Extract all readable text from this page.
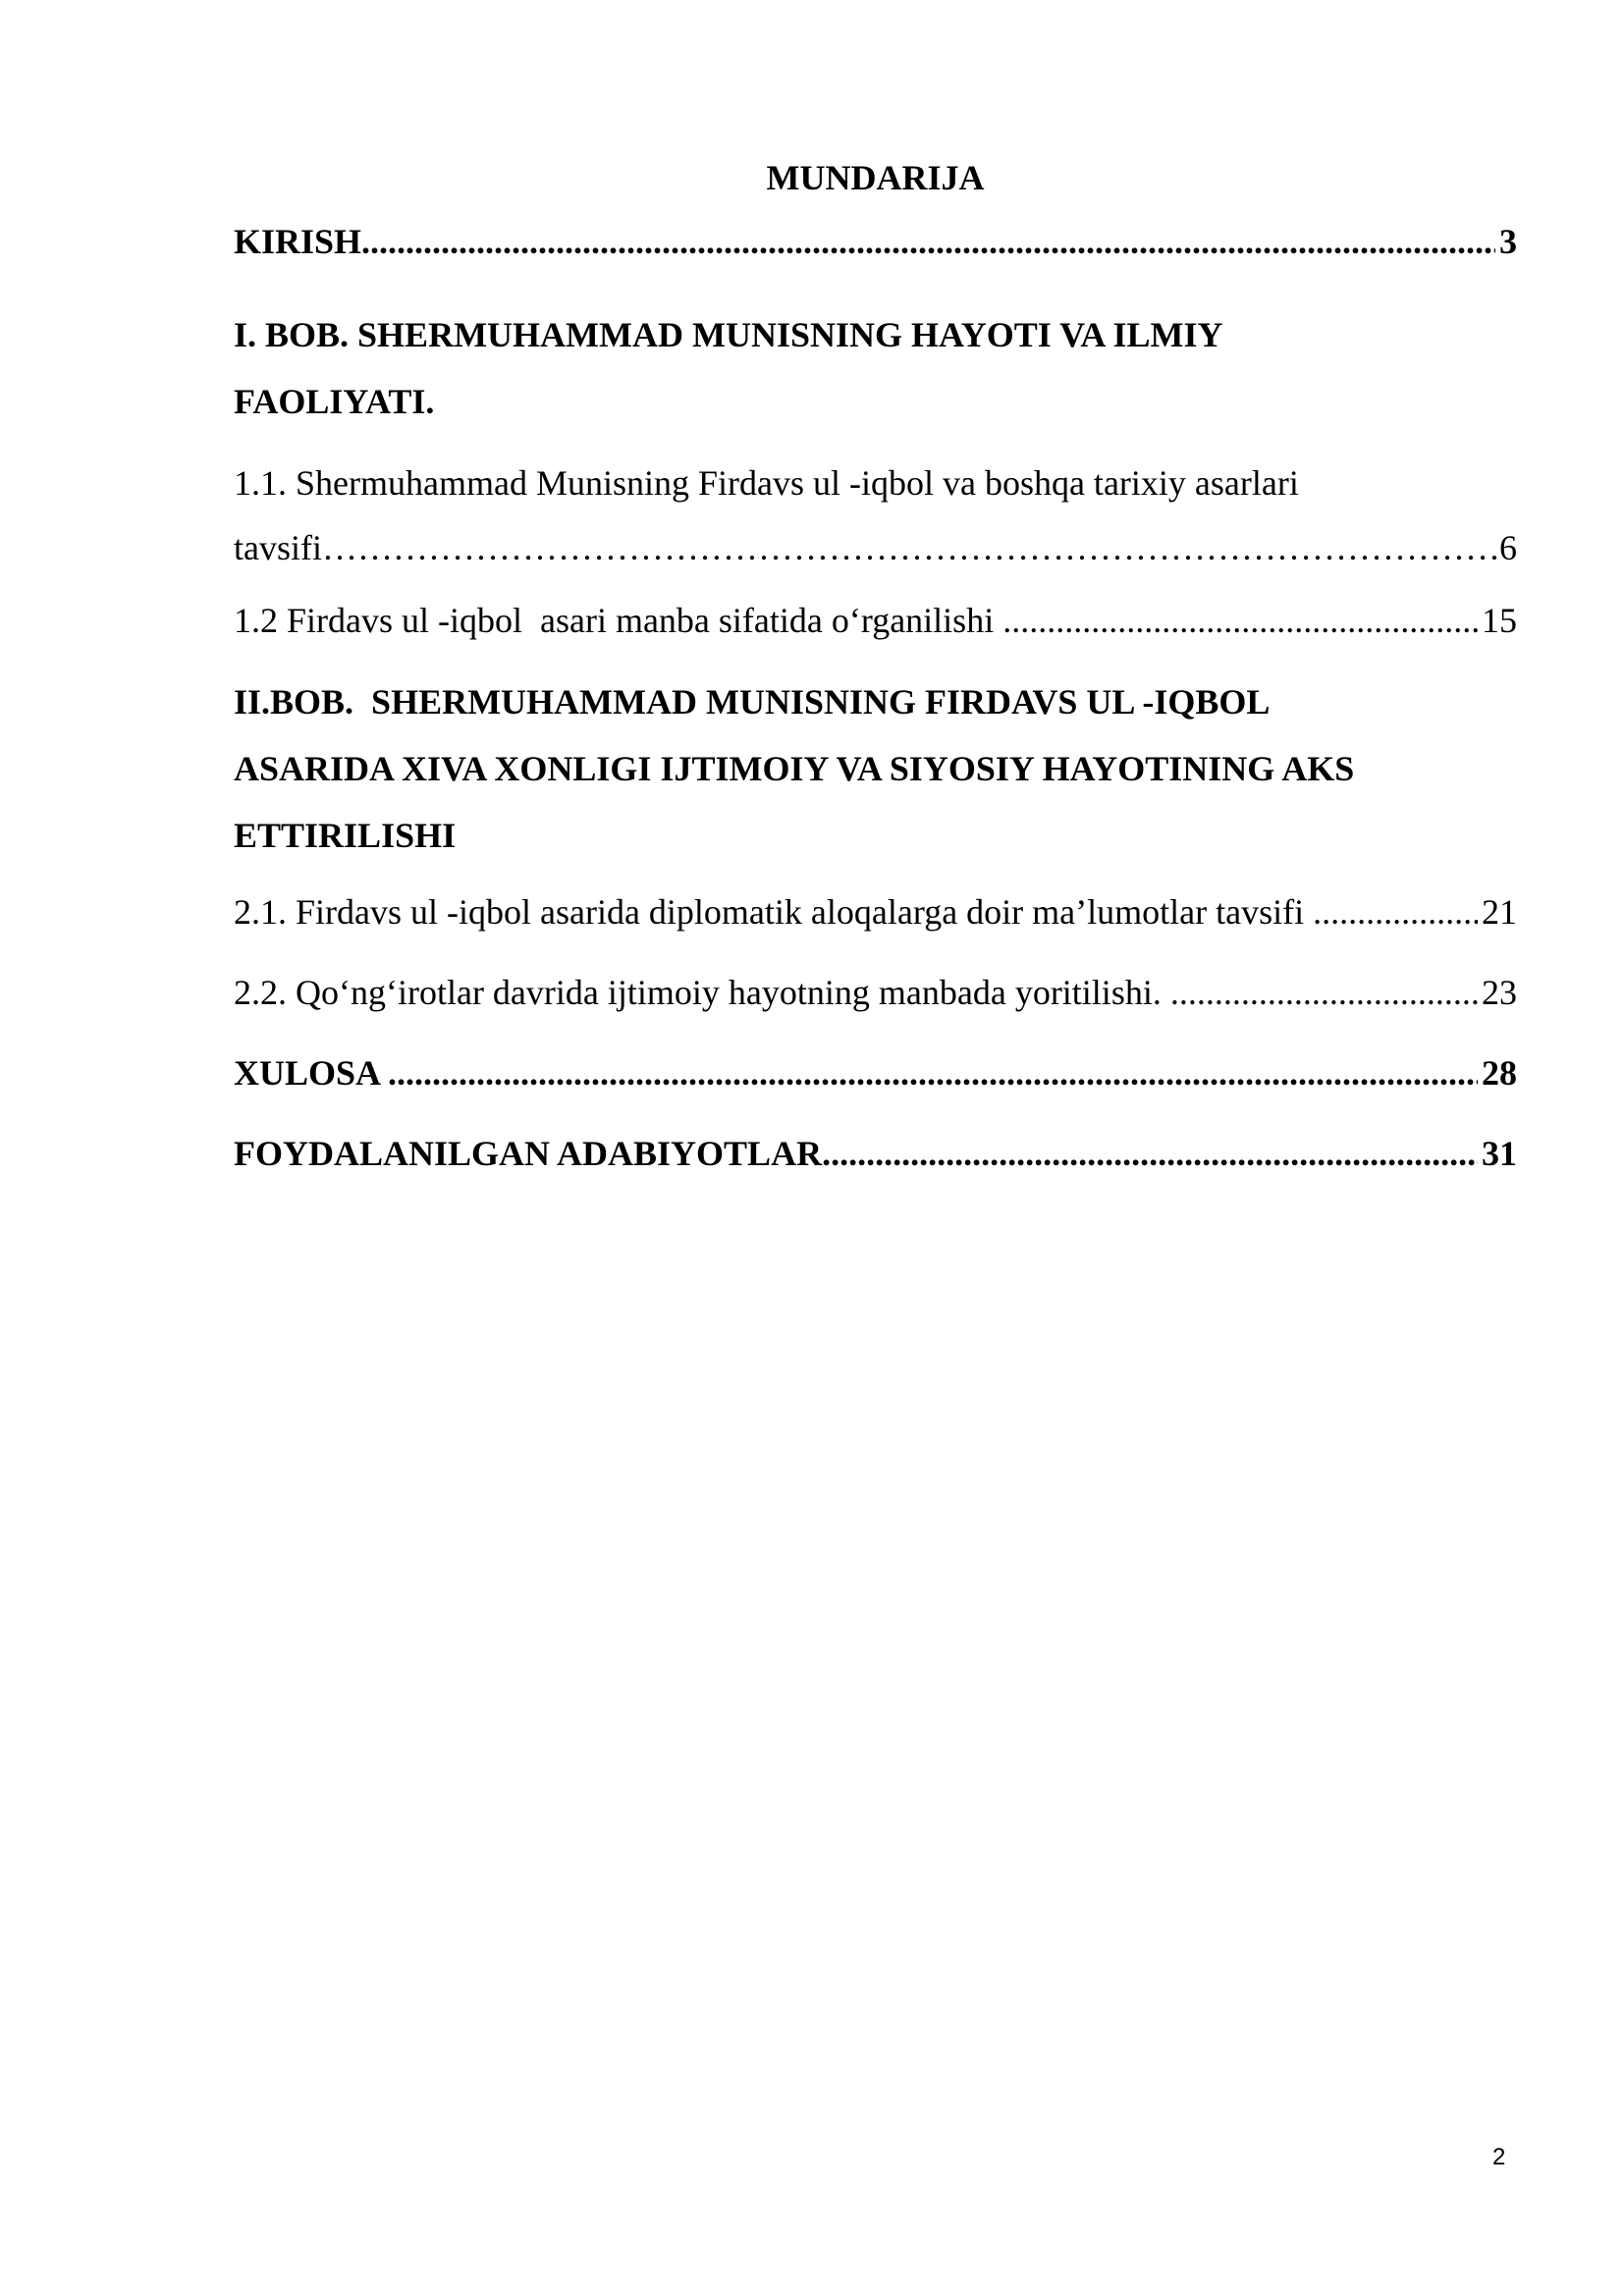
MUNDARIJA
KIRISH .....	3
I. BOB. SHERMUHAMMAD MUNISNING HAYOTI VA ILMIY
FAOLIYATI.
1.1. Shermuhammad Munisning Firdavs ul -iqbol va boshqa tarixiy asarlari
tavsifi ………………………………………………………………………………………………………………………………………………………………………………………………………………………………………………………………………………………………………………………………………………………………………………………………………………………………………………………………………………………………………………………………………………………………………………………………………………………………………………………………………………………………………………………………………………………………	6
1.2 Firdavs ul -iqbol  asari manba sifatida o‘rganilishi .....	15
II.BOB.  SHERMUHAMMAD MUNISNING FIRDAVS UL -IQBOL
ASARIDA XIVA XONLIGI IJTIMOIY VA SIYOSIY HAYOTINING AKS
ETTIRILISHI
2.1. Firdavs ul -iqbol asarida diplomatik aloqalarga doir ma’lumotlar tavsifi .....	21
2.2. Qo‘ng‘irotlar davrida ijtimoiy hayotning manbada yoritilishi. .....	23
XULOSA .....	28
FOYDALANILGAN ADABIYOTLAR .....	31
2
